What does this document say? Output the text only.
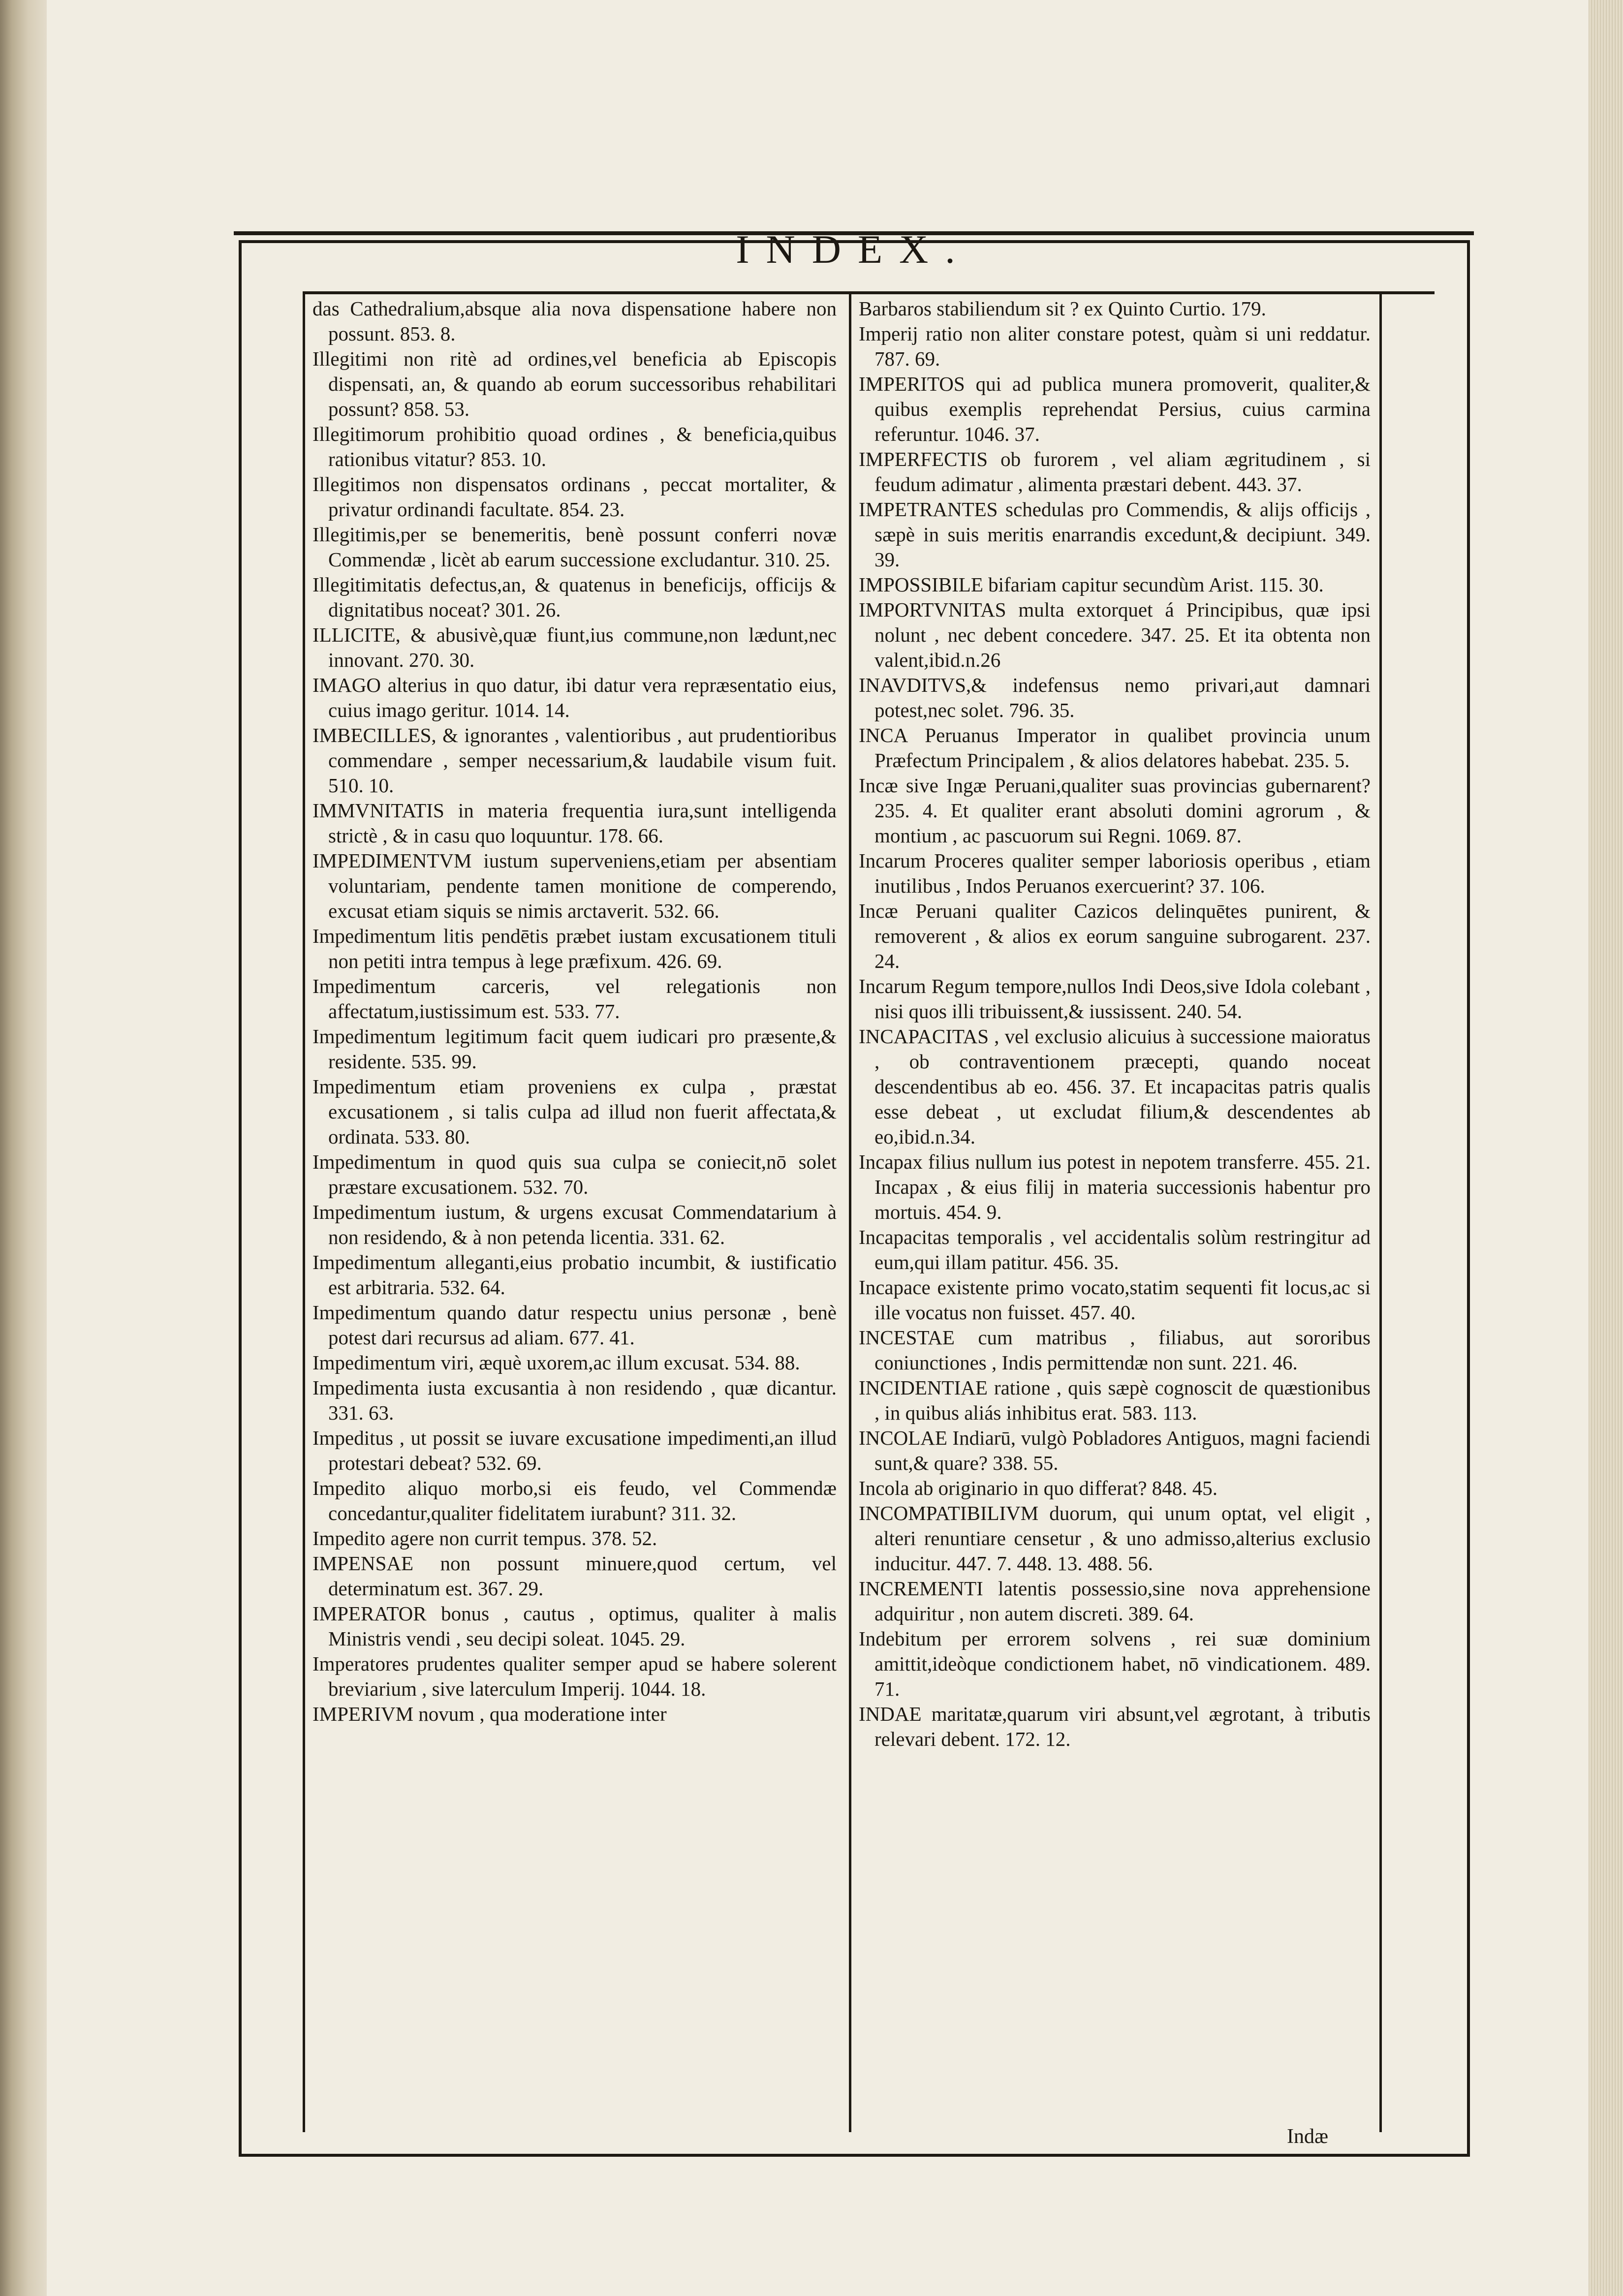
INDEX.

das Cathedralium,absque alia nova dispensatione habere non possunt. 853. 8.

Illegitimi non ritè ad ordines,vel beneficia ab Episcopis dispensati, an, & quando ab eorum successoribus rehabilitari possunt? 858. 53.

Illegitimorum prohibitio quoad ordines , & beneficia,quibus rationibus vitatur? 853. 10.

Illegitimos non dispensatos ordinans , peccat mortaliter, & privatur ordinandi facultate. 854. 23.

Illegitimis,per se benemeritis, benè possunt conferri novæ Commendæ , licèt ab earum successione excludantur. 310. 25.

Illegitimitatis defectus,an, & quatenus in beneficijs, officijs & dignitatibus noceat? 301. 26.

ILLICITE, & abusivè,quæ fiunt,ius commune,non lædunt,nec innovant. 270. 30.

IMAGO alterius in quo datur, ibi datur vera repræsentatio eius, cuius imago geritur. 1014. 14.

IMBECILLES, & ignorantes , valentioribus , aut prudentioribus commendare , semper necessarium,& laudabile visum fuit. 510. 10.

IMMVNITATIS in materia frequentia iura,sunt intelligenda strictè , & in casu quo loquuntur. 178. 66.

IMPEDIMENTVM iustum superveniens,etiam per absentiam voluntariam, pendente tamen monitione de comperendo, excusat etiam siquis se nimis arctaverit. 532. 66.

Impedimentum litis pendētis præbet iustam excusationem tituli non petiti intra tempus à lege præfixum. 426. 69.

Impedimentum carceris, vel relegationis non affectatum,iustissimum est. 533. 77.

Impedimentum legitimum facit quem iudicari pro præsente,& residente. 535. 99.

Impedimentum etiam proveniens ex culpa , præstat excusationem , si talis culpa ad illud non fuerit affectata,& ordinata. 533. 80.

Impedimentum in quod quis sua culpa se coniecit,nō solet præstare excusationem. 532. 70.

Impedimentum iustum, & urgens excusat Commendatarium à non residendo, & à non petenda licentia. 331. 62.

Impedimentum alleganti,eius probatio incumbit, & iustificatio est arbitraria. 532. 64.

Impedimentum quando datur respectu unius personæ , benè potest dari recursus ad aliam. 677. 41.

Impedimentum viri, æquè uxorem,ac illum excusat. 534. 88.

Impedimenta iusta excusantia à non residendo , quæ dicantur. 331. 63.

Impeditus , ut possit se iuvare excusatione impedimenti,an illud protestari debeat? 532. 69.

Impedito aliquo morbo,si eis feudo, vel Commendæ concedantur,qualiter fidelitatem iurabunt? 311. 32.

Impedito agere non currit tempus. 378. 52.

IMPENSAE non possunt minuere,quod certum, vel determinatum est. 367. 29.

IMPERATOR bonus , cautus , optimus, qualiter à malis Ministris vendi , seu decipi soleat. 1045. 29.

Imperatores prudentes qualiter semper apud se habere solerent breviarium , sive laterculum Imperij. 1044. 18.

IMPERIVM novum , qua moderatione inter

Barbaros stabiliendum sit ? ex Quinto Curtio. 179.

Imperij ratio non aliter constare potest, quàm si uni reddatur. 787. 69.

IMPERITOS qui ad publica munera promoverit, qualiter,& quibus exemplis reprehendat Persius, cuius carmina referuntur. 1046. 37.

IMPERFECTIS ob furorem , vel aliam ægritudinem , si feudum adimatur , alimenta præstari debent. 443. 37.

IMPETRANTES schedulas pro Commendis, & alijs officijs , sæpè in suis meritis enarrandis excedunt,& decipiunt. 349. 39.

IMPOSSIBILE bifariam capitur secundùm Arist. 115. 30.

IMPORTVNITAS multa extorquet á Principibus, quæ ipsi nolunt , nec debent concedere. 347. 25. Et ita obtenta non valent,ibid.n.26

INAVDITVS,& indefensus nemo privari,aut damnari potest,nec solet. 796. 35.

INCA Peruanus Imperator in qualibet provincia unum Præfectum Principalem , & alios delatores habebat. 235. 5.

Incæ sive Ingæ Peruani,qualiter suas provincias gubernarent? 235. 4. Et qualiter erant absoluti domini agrorum , & montium , ac pascuorum sui Regni. 1069. 87.

Incarum Proceres qualiter semper laboriosis operibus , etiam inutilibus , Indos Peruanos exercuerint? 37. 106.

Incæ Peruani qualiter Cazicos delinquētes punirent, & removerent , & alios ex eorum sanguine subrogarent. 237. 24.

Incarum Regum tempore,nullos Indi Deos,sive Idola colebant , nisi quos illi tribuissent,& iussissent. 240. 54.

INCAPACITAS , vel exclusio alicuius à successione maioratus , ob contraventionem præcepti, quando noceat descendentibus ab eo. 456. 37. Et incapacitas patris qualis esse debeat , ut excludat filium,& descendentes ab eo,ibid.n.34.

Incapax filius nullum ius potest in nepotem transferre. 455. 21. Incapax , & eius filij in materia successionis habentur pro mortuis. 454. 9.

Incapacitas temporalis , vel accidentalis solùm restringitur ad eum,qui illam patitur. 456. 35.

Incapace existente primo vocato,statim sequenti fit locus,ac si ille vocatus non fuisset. 457. 40.

INCESTAE cum matribus , filiabus, aut sororibus coniunctiones , Indis permittendæ non sunt. 221. 46.

INCIDENTIAE ratione , quis sæpè cognoscit de quæstionibus , in quibus aliás inhibitus erat. 583. 113.

INCOLAE Indiarū, vulgò Pobladores Antiguos, magni faciendi sunt,& quare? 338. 55.

Incola ab originario in quo differat? 848. 45.

INCOMPATIBILIVM duorum, qui unum optat, vel eligit , alteri renuntiare censetur , & uno admisso,alterius exclusio inducitur. 447. 7. 448. 13. 488. 56.

INCREMENTI latentis possessio,sine nova apprehensione adquiritur , non autem discreti. 389. 64.

Indebitum per errorem solvens , rei suæ dominium amittit,ideòque condictionem habet, nō vindicationem. 489. 71.

INDAE maritatæ,quarum viri absunt,vel ægrotant, à tributis relevari debent. 172. 12.

Indæ
